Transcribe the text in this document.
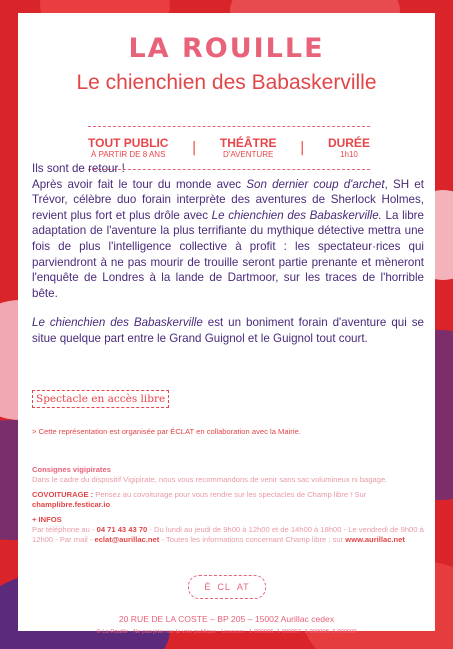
LA ROUILLE
Le chienchien des Babaskerville
TOUT PUBLIC
À PARTIR DE 8 ANS | THÉÂTRE
D'AVENTURE | DURÉE
1h10

Ils sont de retour !
Après avoir fait le tour du monde avec Son dernier coup d'archet, SH et Trévor, célèbre duo forain interprète des aventures de Sherlock Holmes, revient plus fort et plus drôle avec Le chienchien des Babaskerville. La libre adaptation de l'aventure la plus terrifiante du mythique détective mettra une fois de plus l'intelligence collective à profit : les spectateur·rices qui parviendront à ne pas mourir de trouille seront partie prenante et mèneront l'enquête de Londres à la lande de Dartmoor, sur les traces de l'horrible bête.

Le chienchien des Babaskerville est un boniment forain d'aventure qui se situe quelque part entre le Grand Guignol et le Guignol tout court.

Spectacle en accès libre
> Cette représentation est organisée par ÉCLAT en collaboration avec la Mairie.
Consignes vigipirates
Dans le cadre du dispositif Vigipirate, nous vous recommandons de venir sans sac volumineux ni bagage.
COVOITURAGE : Pensez au covoiturage pour vous rendre sur les spectacles de Champ libre ! Sur champlibre.festicar.io
+ INFOS
Par téléphone au - 04 71 43 43 70 - Du lundi au jeudi de 9h00 à 12h00 et de 14h00 à 18h00 - Le vendredi de 9h00 à 12h00 - Par mail - eclat@aurillac.net - Toutes les informations concernant Champ libre : sur www.aurillac.net
É CL AT
20 RUE DE LA COSTE – BP 205 – 15002 Aurillac cedex
© La Rouille · Ne pas jeter sur la voie publique · Licences : 1-000906, 1-000907, 2-000908, 3-000909
